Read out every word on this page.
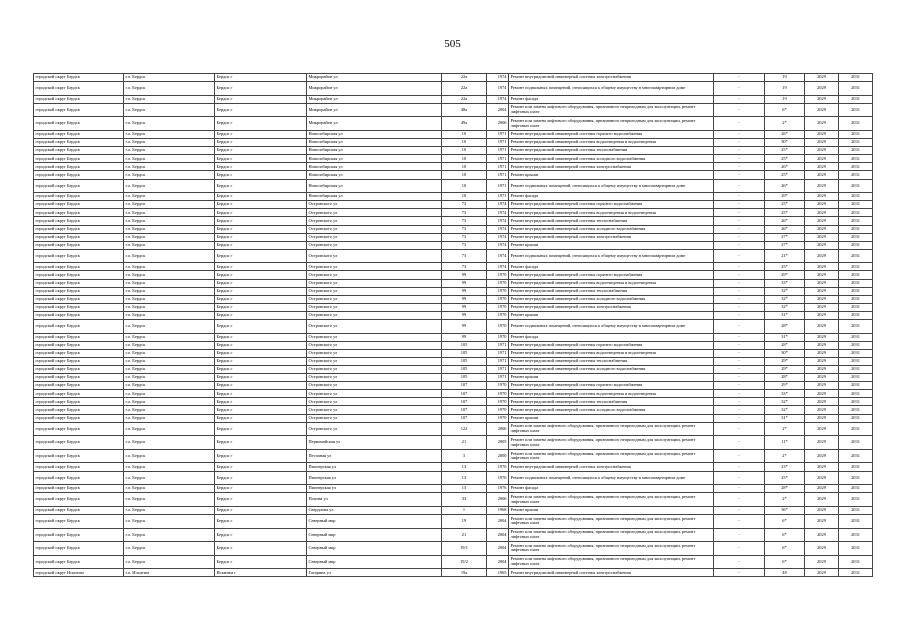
505
городской округ Бердск	г.о. Бердск	Бердск г	Микрорайон ул	22а	1974	Ремонт внутридомовой инженерной системы электроснабжения	-	19	2029	2031
городской округ Бердск	г.о. Бердск	Бердск г	Микрорайон ул	22а	1974	Ремонт подвальных помещений, относящихся к общему имуществу в многоквартирном доме	-	19	2029	2031
городской округ Бердск	г.о. Бердск	Бердск г	Микрорайон ул	22а	1974	Ремонт фасада	-	19	2029	2031
городской округ Бердск	г.о. Бердск	Бердск г	Микрорайон ул	48а	2004	Ремонт или замена лифтового оборудования, признанного непригодным для эксплуатации, ремонт лифтовых шахт	-	6*	2029	2031
городской округ Бердск	г.о. Бердск	Бердск г	Микрорайон ул	49а	2006	Ремонт или замена лифтового оборудования, признанного непригодным для эксплуатации, ремонт лифтовых шахт	-	2*	2029	2031
городской округ Бердск	г.о. Бердск	Бердск г	Новосибирская ул	10	1971	Ремонт внутридомовой инженерной системы горячего водоснабжения	-	26*	2029	2031
городской округ Бердск	г.о. Бердск	Бердск г	Новосибирская ул	10	1971	Ремонт внутридомовой инженерной системы водоотведения и водоотведения	-	30*	2029	2031
городской округ Бердск	г.о. Бердск	Бердск г	Новосибирская ул	10	1971	Ремонт внутридомовой инженерной системы теплоснабжения	-	25*	2029	2031
городской округ Бердск	г.о. Бердск	Бердск г	Новосибирская ул	10	1971	Ремонт внутридомовой инженерной системы холодного водоснабжения	-	25*	2029	2031
городской округ Бердск	г.о. Бердск	Бердск г	Новосибирская ул	10	1971	Ремонт внутридомовой инженерной системы электроснабжения	-	26*	2029	2031
городской округ Бердск	г.о. Бердск	Бердск г	Новосибирская ул	10	1971	Ремонт крыши	-	25*	2029	2031
городской округ Бердск	г.о. Бердск	Бердск г	Новосибирская ул	10	1971	Ремонт подвальных помещений, относящихся к общему имуществу в многоквартирном доме	-	26*	2029	2031
городской округ Бердск	г.о. Бердск	Бердск г	Новосибирская ул	10	1971	Ремонт фасада	-	29*	2029	2031
городской округ Бердск	г.о. Бердск	Бердск г	Островского ул	73	1974	Ремонт внутридомовой инженерной системы горячего водоснабжения	-	25*	2029	2031
городской округ Бердск	г.о. Бердск	Бердск г	Островского ул	73	1974	Ремонт внутридомовой инженерной системы водоотведения и водоотведения	-	25*	2029	2031
городской округ Бердск	г.о. Бердск	Бердск г	Островского ул	73	1974	Ремонт внутридомовой инженерной системы теплоснабжения	-	26*	2029	2031
городской округ Бердск	г.о. Бердск	Бердск г	Островского ул	73	1974	Ремонт внутридомовой инженерной системы холодного водоснабжения	-	26*	2029	2031
городской округ Бердск	г.о. Бердск	Бердск г	Островского ул	73	1974	Ремонт внутридомовой инженерной системы электроснабжения	-	27*	2029	2031
городской округ Бердск	г.о. Бердск	Бердск г	Островского ул	73	1974	Ремонт крыши	-	27*	2029	2031
городской округ Бердск	г.о. Бердск	Бердск г	Островского ул	73	1974	Ремонт подвальных помещений, относящихся к общему имуществу в многоквартирном доме	-	21*	2029	2031
городской округ Бердск	г.о. Бердск	Бердск г	Островского ул	73	1974	Ремонт фасада	-	25*	2029	2031
городской округ Бердск	г.о. Бердск	Бердск г	Островского ул	99	1970	Ремонт внутридомовой инженерной системы горячего водоснабжения	-	29*	2029	2031
городской округ Бердск	г.о. Бердск	Бердск г	Островского ул	99	1970	Ремонт внутридомовой инженерной системы водоотведения и водоотведения	-	33*	2029	2031
городской округ Бердск	г.о. Бердск	Бердск г	Островского ул	99	1970	Ремонт внутридомовой инженерной системы теплоснабжения	-	32*	2029	2031
городской округ Бердск	г.о. Бердск	Бердск г	Островского ул	99	1970	Ремонт внутридомовой инженерной системы холодного водоснабжения	-	32*	2029	2031
городской округ Бердск	г.о. Бердск	Бердск г	Островского ул	99	1970	Ремонт внутридомовой инженерной системы электроснабжения	-	32*	2029	2031
городской округ Бердск	г.о. Бердск	Бердск г	Островского ул	99	1970	Ремонт крыши	-	31*	2029	2031
городской округ Бердск	г.о. Бердск	Бердск г	Островского ул	99	1970	Ремонт подвальных помещений, относящихся к общему имуществу в многоквартирном доме	-	28*	2029	2031
городской округ Бердск	г.о. Бердск	Бердск г	Островского ул	99	1970	Ремонт фасада	-	31*	2029	2031
городской округ Бердск	г.о. Бердск	Бердск г	Островского ул	105	1971	Ремонт внутридомовой инженерной системы горячего водоснабжения	-	28*	2029	2031
городской округ Бердск	г.о. Бердск	Бердск г	Островского ул	105	1971	Ремонт внутридомовой инженерной системы водоотведения и водоотведения	-	30*	2029	2031
городской округ Бердск	г.о. Бердск	Бердск г	Островского ул	105	1971	Ремонт внутридомовой инженерной системы теплоснабжения	-	29*	2029	2031
городской округ Бердск	г.о. Бердск	Бердск г	Островского ул	105	1971	Ремонт внутридомовой инженерной системы холодного водоснабжения	-	29*	2029	2031
городской округ Бердск	г.о. Бердск	Бердск г	Островского ул	105	1971	Ремонт крыши	-	28*	2029	2031
городской округ Бердск	г.о. Бердск	Бердск г	Островского ул	107	1970	Ремонт внутридомовой инженерной системы горячего водоснабжения	-	29*	2029	2031
городской округ Бердск	г.о. Бердск	Бердск г	Островского ул	107	1970	Ремонт внутридомовой инженерной системы водоотведения и водоотведения	-	33*	2029	2031
городской округ Бердск	г.о. Бердск	Бердск г	Островского ул	107	1970	Ремонт внутридомовой инженерной системы теплоснабжения	-	32*	2029	2031
городской округ Бердск	г.о. Бердск	Бердск г	Островского ул	107	1970	Ремонт внутридомовой инженерной системы холодного водоснабжения	-	32*	2029	2031
городской округ Бердск	г.о. Бердск	Бердск г	Островского ул	107	1970	Ремонт крыши	-	31*	2029	2031
городской округ Бердск	г.о. Бердск	Бердск г	Островского ул	122	2006	Ремонт или замена лифтового оборудования, признанного непригодным для эксплуатации, ремонт лифтовых шахт	-	2*	2029	2031
городской округ Бердск	г.о. Бердск	Бердск г	Первомайская ул	21	2005	Ремонт или замена лифтового оборудования, признанного непригодным для эксплуатации, ремонт лифтовых шахт	-	11*	2029	2031
городской округ Бердск	г.о. Бердск	Бердск г	Песчаная ул	3	2000	Ремонт или замена лифтового оборудования, признанного непригодным для эксплуатации, ремонт лифтовых шахт	-	2*	2029	2031
городской округ Бердск	г.о. Бердск	Бердск г	Пионерская ул	13	1976	Ремонт внутридомовой инженерной системы электроснабжения	-	23*	2029	2031
городской округ Бердск	г.о. Бердск	Бердск г	Пионерская ул	13	1976	Ремонт подвальных помещений, относящихся к общему имуществу в многоквартирном доме	-	25*	2029	2031
городской округ Бердск	г.о. Бердск	Бердск г	Пионерская ул	13	1976	Ремонт фасада	-	28*	2029	2031
городской округ Бердск	г.о. Бердск	Бердск г	Попова ул	33	2006	Ремонт или замена лифтового оборудования, признанного непригодным для эксплуатации, ремонт лифтовых шахт	-	2*	2029	2031
городской округ Бердск	г.о. Бердск	Бердск г	Свердлова ул	1	1968	Ремонт крыши	-	36*	2029	2031
городской округ Бердск	г.о. Бердск	Бердск г	Северный мкр	19	2004	Ремонт или замена лифтового оборудования, признанного непригодным для эксплуатации, ремонт лифтовых шахт	-	6*	2029	2031
городской округ Бердск	г.о. Бердск	Бердск г	Северный мкр	21	2004	Ремонт или замена лифтового оборудования, признанного непригодным для эксплуатации, ремонт лифтовых шахт	-	6*	2029	2031
городской округ Бердск	г.о. Бердск	Бердск г	Северный мкр	19/1	2004	Ремонт или замена лифтового оборудования, признанного непригодным для эксплуатации, ремонт лифтовых шахт	-	6*	2029	2031
городской округ Бердск	г.о. Бердск	Бердск г	Северный мкр	19/2	2004	Ремонт или замена лифтового оборудования, признанного непригодным для эксплуатации, ремонт лифтовых шахт	-	6*	2029	2031
городской округ Искитим	г.о. Искитим	Искитим г	Гагарина ул	19а	1965	Ремонт внутридомовой инженерной системы электроснабжения	-	48	2029	2031
